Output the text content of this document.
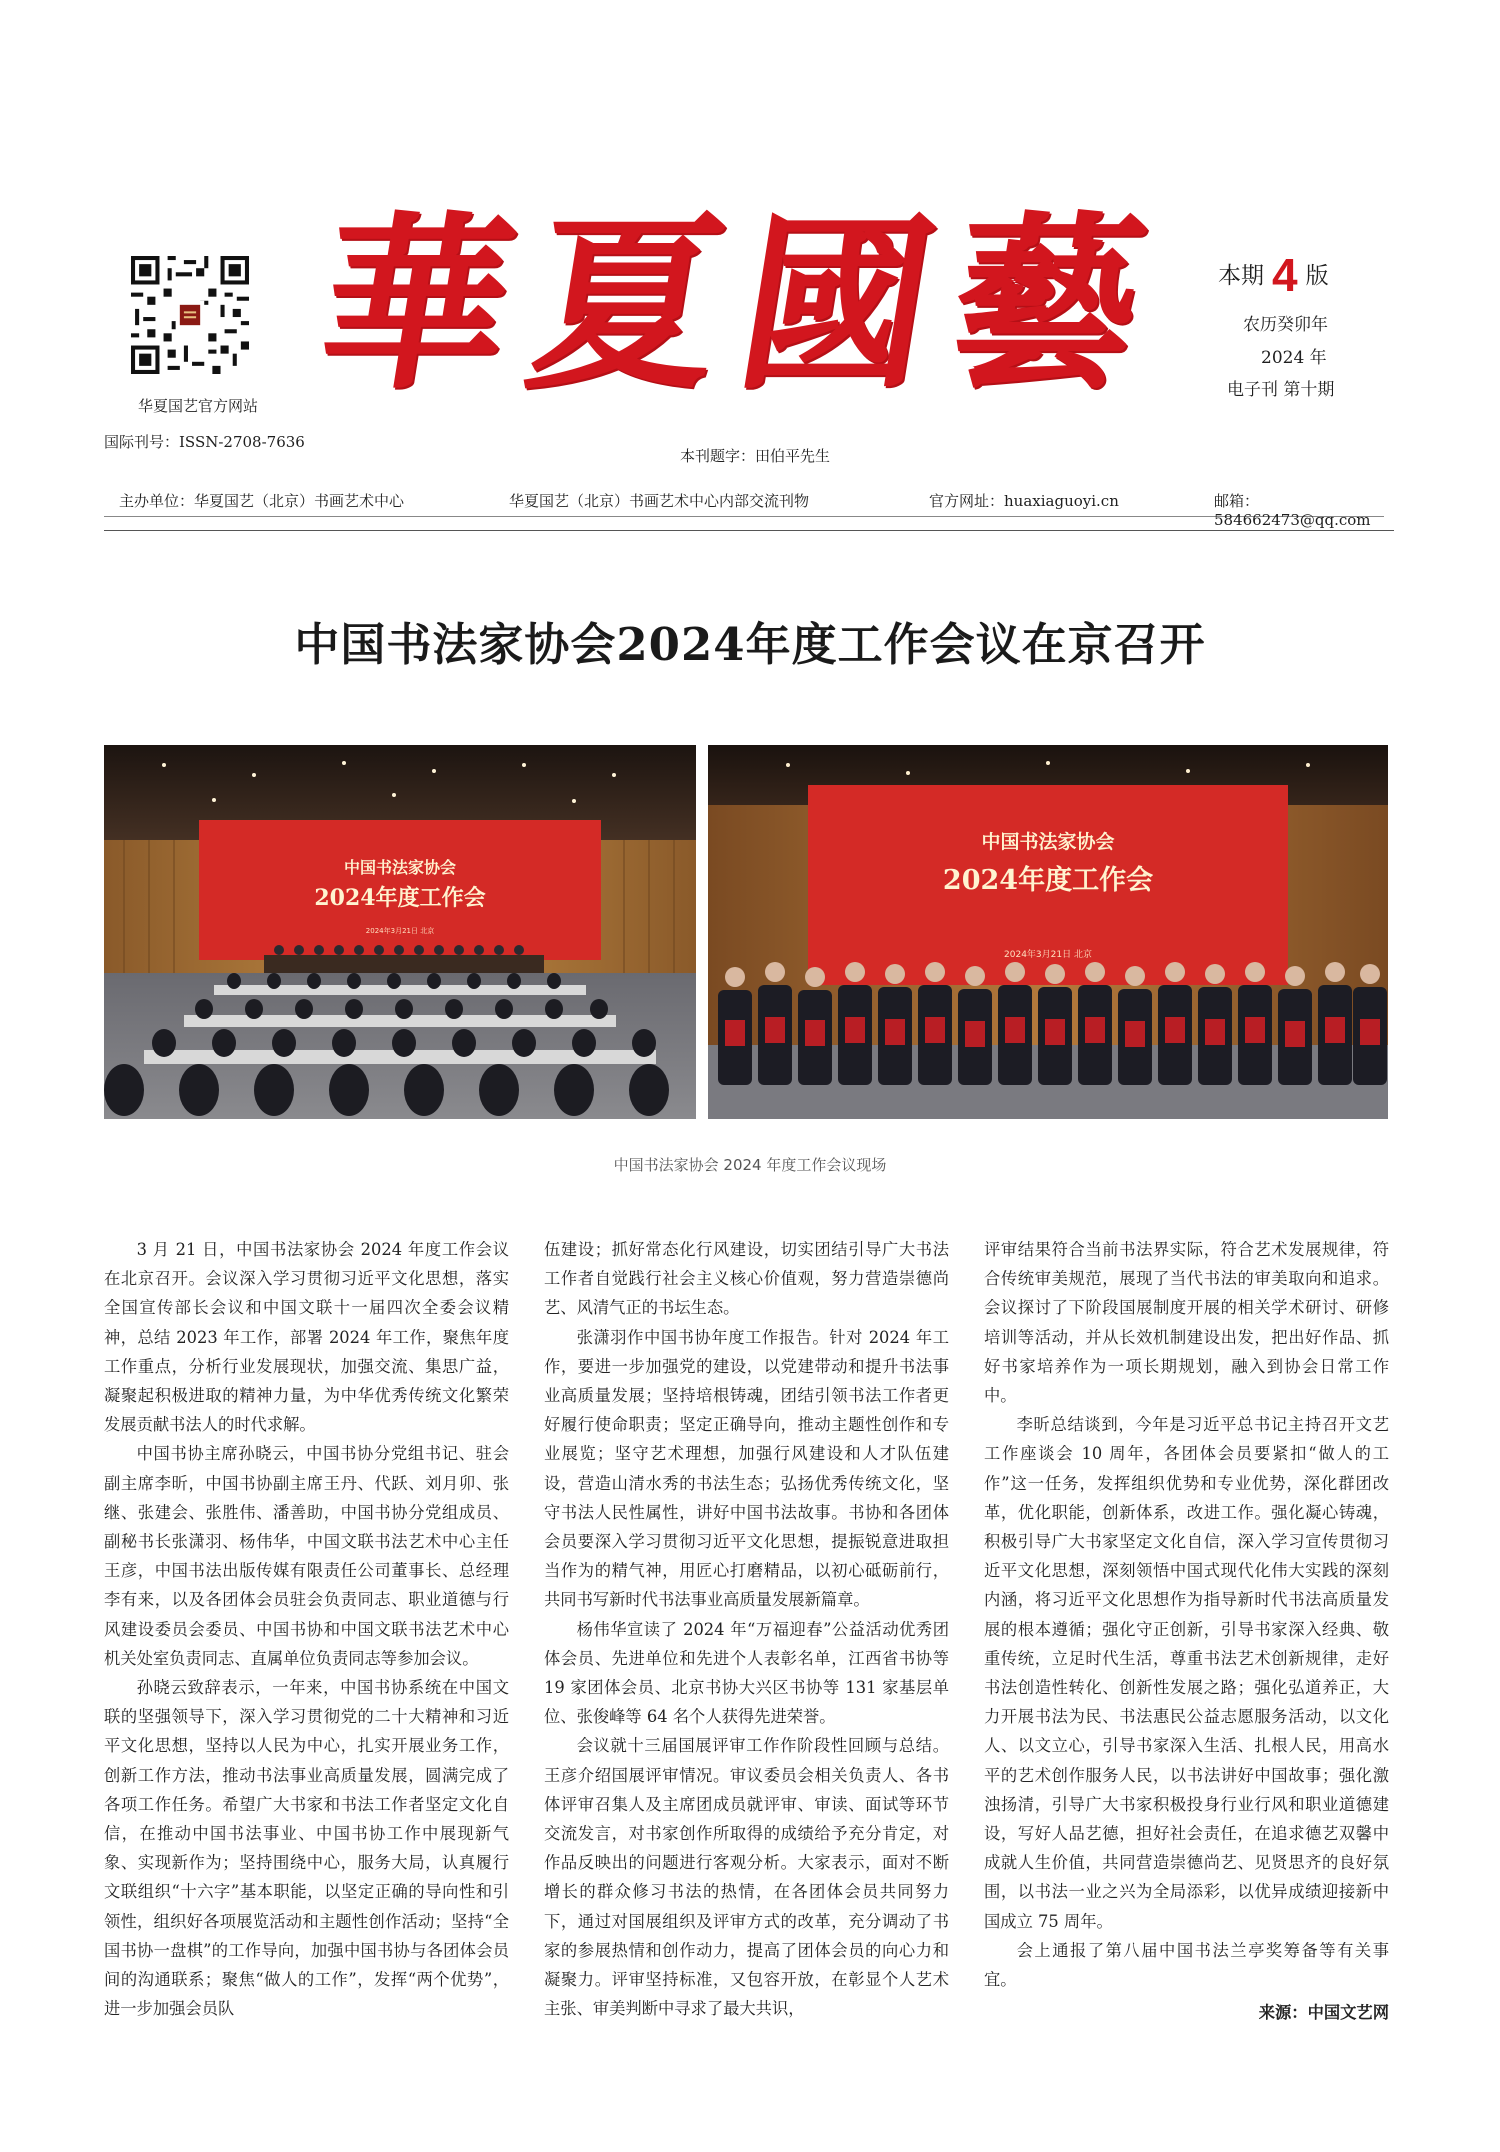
华夏国艺官方网站
国际刊号：ISSN-2708-7636
華
夏
國
藝
本刊题字：田伯平先生
本期 4 版
农历癸卯年
2024 年
电子刊 第十期
主办单位：华夏国艺（北京）书画艺术中心	华夏国艺（北京）书画艺术中心内部交流刊物	官方网址：huaxiaguoyi.cn	邮箱：584662473@qq.com
中国书法家协会2024年度工作会议在京召开
中国书法家协会
2024年度工作会
2024年3月21日 北京
中国书法家协会
2024年度工作会
2024年3月21日 北京
中国书法家协会 2024 年度工作会议现场

3 月 21 日，中国书法家协会 2024 年度工作会议在北京召开。会议深入学习贯彻习近平文化思想，落实全国宣传部长会议和中国文联十一届四次全委会议精神，总结 2023 年工作，部署 2024 年工作，聚焦年度工作重点，分析行业发展现状，加强交流、集思广益，凝聚起积极进取的精神力量，为中华优秀传统文化繁荣发展贡献书法人的时代求解。

中国书协主席孙晓云，中国书协分党组书记、驻会副主席李昕，中国书协副主席王丹、代跃、刘月卯、张继、张建会、张胜伟、潘善助，中国书协分党组成员、副秘书长张潇羽、杨伟华，中国文联书法艺术中心主任王彦，中国书法出版传媒有限责任公司董事长、总经理李有来，以及各团体会员驻会负责同志、职业道德与行风建设委员会委员、中国书协和中国文联书法艺术中心机关处室负责同志、直属单位负责同志等参加会议。

孙晓云致辞表示，一年来，中国书协系统在中国文联的坚强领导下，深入学习贯彻党的二十大精神和习近平文化思想，坚持以人民为中心，扎实开展业务工作，创新工作方法，推动书法事业高质量发展，圆满完成了各项工作任务。希望广大书家和书法工作者坚定文化自信，在推动中国书法事业、中国书协工作中展现新气象、实现新作为；坚持围绕中心，服务大局，认真履行文联组织“十六字”基本职能，以坚定正确的导向性和引领性，组织好各项展览活动和主题性创作活动；坚持“全国书协一盘棋”的工作导向，加强中国书协与各团体会员间的沟通联系；聚焦“做人的工作”，发挥“两个优势”，进一步加强会员队

伍建设；抓好常态化行风建设，切实团结引导广大书法工作者自觉践行社会主义核心价值观，努力营造崇德尚艺、风清气正的书坛生态。

张潇羽作中国书协年度工作报告。针对 2024 年工作，要进一步加强党的建设，以党建带动和提升书法事业高质量发展；坚持培根铸魂，团结引领书法工作者更好履行使命职责；坚定正确导向，推动主题性创作和专业展览；坚守艺术理想，加强行风建设和人才队伍建设，营造山清水秀的书法生态；弘扬优秀传统文化，坚守书法人民性属性，讲好中国书法故事。书协和各团体会员要深入学习贯彻习近平文化思想，提振锐意进取担当作为的精气神，用匠心打磨精品，以初心砥砺前行，共同书写新时代书法事业高质量发展新篇章。

杨伟华宣读了 2024 年“万福迎春”公益活动优秀团体会员、先进单位和先进个人表彰名单，江西省书协等 19 家团体会员、北京书协大兴区书协等 131 家基层单位、张俊峰等 64 名个人获得先进荣誉。

会议就十三届国展评审工作作阶段性回顾与总结。王彦介绍国展评审情况。审议委员会相关负责人、各书体评审召集人及主席团成员就评审、审读、面试等环节交流发言，对书家创作所取得的成绩给予充分肯定，对作品反映出的问题进行客观分析。大家表示，面对不断增长的群众修习书法的热情，在各团体会员共同努力下，通过对国展组织及评审方式的改革，充分调动了书家的参展热情和创作动力，提高了团体会员的向心力和凝聚力。评审坚持标准，又包容开放，在彰显个人艺术主张、审美判断中寻求了最大共识，

评审结果符合当前书法界实际，符合艺术发展规律，符合传统审美规范，展现了当代书法的审美取向和追求。会议探讨了下阶段国展制度开展的相关学术研讨、研修培训等活动，并从长效机制建设出发，把出好作品、抓好书家培养作为一项长期规划，融入到协会日常工作中。

李昕总结谈到，今年是习近平总书记主持召开文艺工作座谈会 10 周年，各团体会员要紧扣“做人的工作”这一任务，发挥组织优势和专业优势，深化群团改革，优化职能，创新体系，改进工作。强化凝心铸魂，积极引导广大书家坚定文化自信，深入学习宣传贯彻习近平文化思想，深刻领悟中国式现代化伟大实践的深刻内涵，将习近平文化思想作为指导新时代书法高质量发展的根本遵循；强化守正创新，引导书家深入经典、敬重传统，立足时代生活，尊重书法艺术创新规律，走好书法创造性转化、创新性发展之路；强化弘道养正，大力开展书法为民、书法惠民公益志愿服务活动，以文化人、以文立心，引导书家深入生活、扎根人民，用高水平的艺术创作服务人民，以书法讲好中国故事；强化激浊扬清，引导广大书家积极投身行业行风和职业道德建设，写好人品艺德，担好社会责任，在追求德艺双馨中成就人生价值，共同营造崇德尚艺、见贤思齐的良好氛围，以书法一业之兴为全局添彩，以优异成绩迎接新中国成立 75 周年。

会上通报了第八届中国书法兰亭奖筹备等有关事宜。

来源：中国文艺网
